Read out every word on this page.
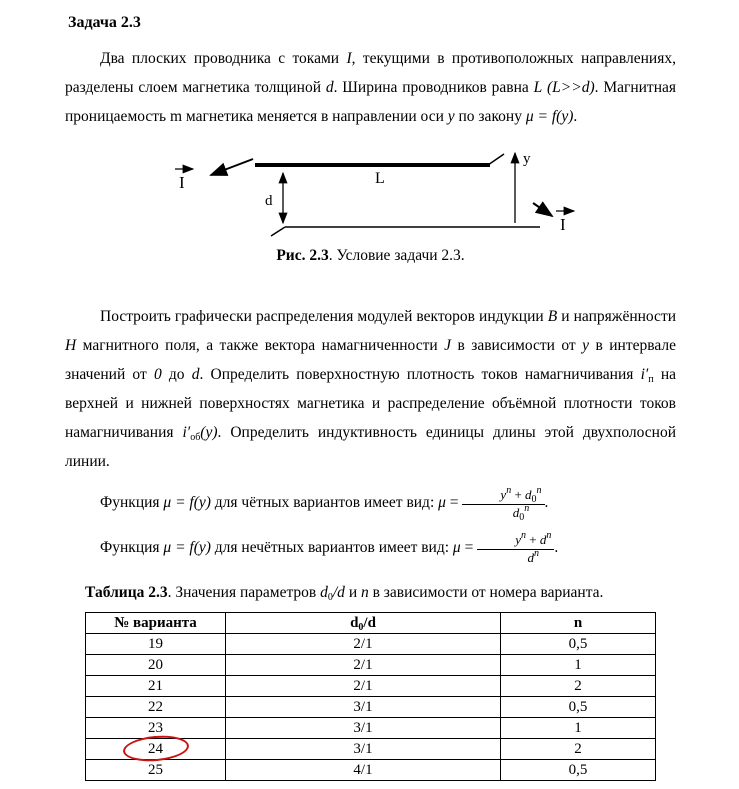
Задача 2.3

Два плоских проводника с токами I, текущими в противоположных направлениях, разделены слоем магнетика толщиной d. Ширина проводников равна L (L>>d). Магнитная проницаемость m магнетика меняется в направлении оси y по закону μ = f(y).

I
d
L
y
I

Рис. 2.3. Условие задачи 2.3.

Построить графически распределения модулей векторов индукции B и напряжённости H магнитного поля, а также вектора намагниченности J в зависимости от y в интервале значений от 0 до d. Определить поверхностную плотность токов намагничивания $i'_п$ на верхней и нижней поверхностях магнетика и распределение объёмной плотности токов намагничивания $i'_{об}(y)$. Определить индуктивность единицы длины этой двухполосной линии.

Функция μ = f(y) для чётных вариантов имеет вид: $\mu = \frac{y^n + d_0^n}{d_0^n}$ .

Функция μ = f(y) для нечётных вариантов имеет вид: $\mu = \frac{y^n + d^n}{d^n}$ .

Таблица 2.3. Значения параметров $d_0/d$ и n в зависимости от номера варианта.

№ варианта	$d_0/d$	n
19	2/1	0,5
20	2/1	1
21	2/1	2
22	3/1	0,5
23	3/1	1
24	3/1	2
25	4/1	0,5
